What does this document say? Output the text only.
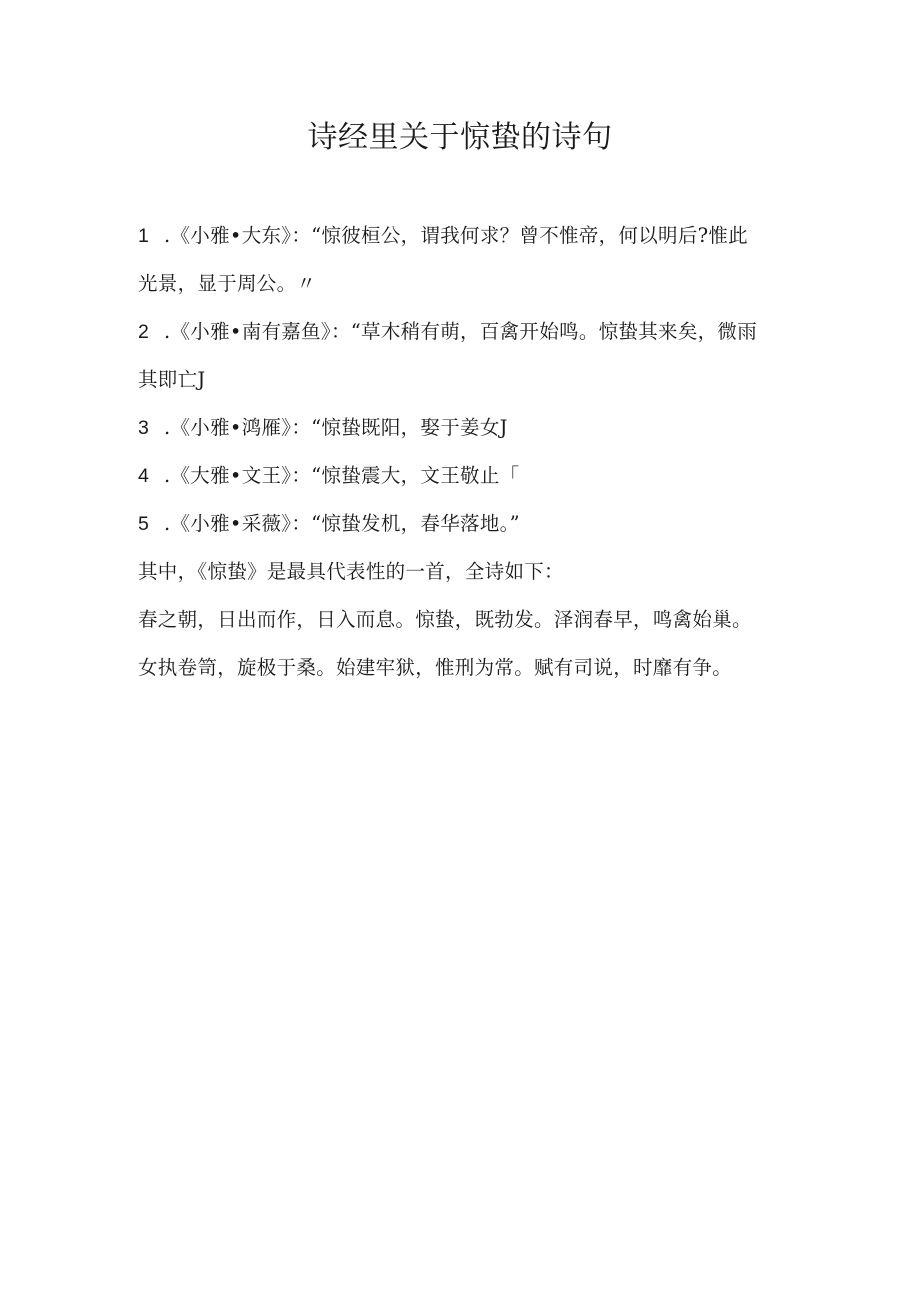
诗经里关于惊蛰的诗句
1 .《小雅•大东》：“惊彼桓公，谓我何求？曾不惟帝，何以明后?惟此
光景，显于周公。〃
2 .《小雅•南有嘉鱼》：“草木稍有萌，百禽开始鸣。惊蛰其来矣，微雨
其即亡J
3 .《小雅•鸿雁》：“惊蛰既阳，娶于姜女J
4 .《大雅•文王》：“惊蛰震大，文王敬止「
5 .《小雅•采薇》：“惊蛰发机，春华落地。”
其中，《惊蛰》是最具代表性的一首，全诗如下：
春之朝，日出而作，日入而息。惊蛰，既勃发。泽润春早，鸣禽始巢。
女执卷笥，旋极于桑。始建牢狱，惟刑为常。赋有司说，时靡有争。
